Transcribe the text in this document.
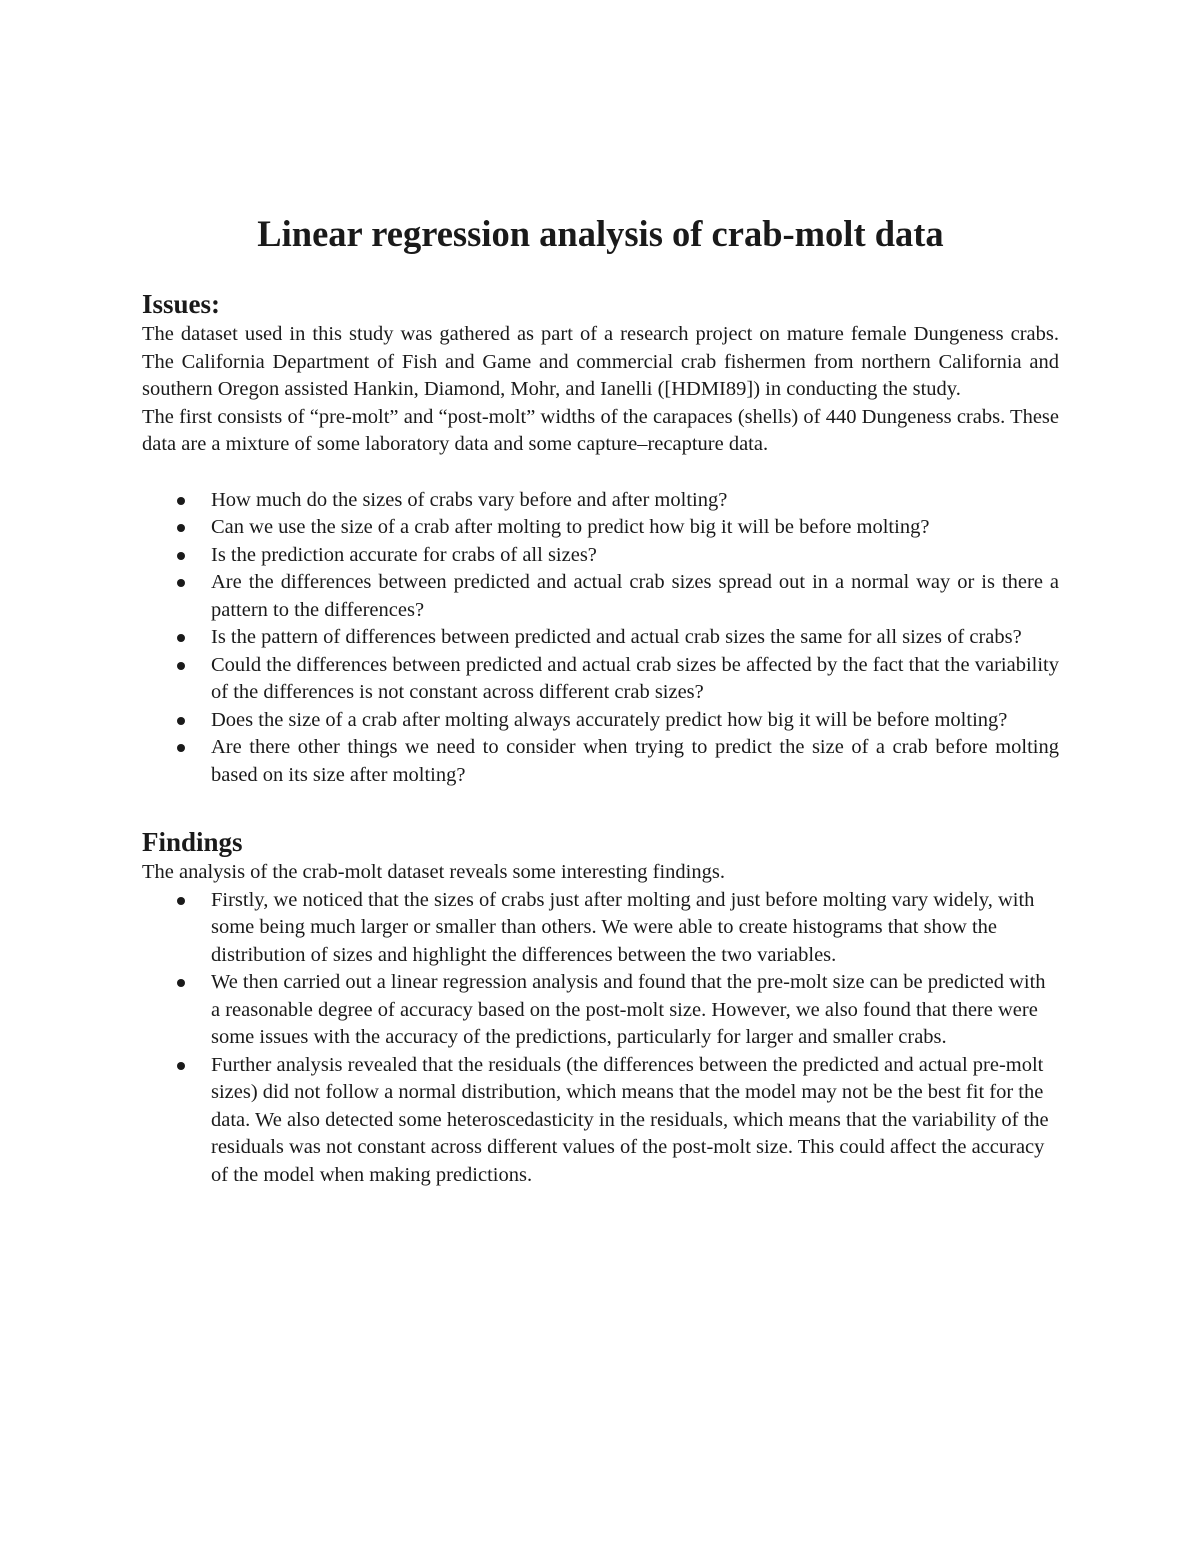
Linear regression analysis of crab-molt data
Issues:

The dataset used in this study was gathered as part of a research project on mature female Dungeness crabs. The California Department of Fish and Game and commercial crab fishermen from northern California and southern Oregon assisted Hankin, Diamond, Mohr, and Ianelli ([HDMI89]) in conducting the study.

The first consists of “pre-molt” and “post-molt” widths of the carapaces (shells) of 440 Dungeness crabs. These data are a mixture of some laboratory data and some capture–recapture data.

How much do the sizes of crabs vary before and after molting?
Can we use the size of a crab after molting to predict how big it will be before molting?
Is the prediction accurate for crabs of all sizes?
Are the differences between predicted and actual crab sizes spread out in a normal way or is there a pattern to the differences?
Is the pattern of differences between predicted and actual crab sizes the same for all sizes of crabs?
Could the differences between predicted and actual crab sizes be affected by the fact that the variability of the differences is not constant across different crab sizes?
Does the size of a crab after molting always accurately predict how big it will be before molting?
Are there other things we need to consider when trying to predict the size of a crab before molting based on its size after molting?
Findings

The analysis of the crab-molt dataset reveals some interesting findings.

Firstly, we noticed that the sizes of crabs just after molting and just before molting vary widely, with some being much larger or smaller than others. We were able to create histograms that show the distribution of sizes and highlight the differences between the two variables.
We then carried out a linear regression analysis and found that the pre-molt size can be predicted with a reasonable degree of accuracy based on the post-molt size. However, we also found that there were some issues with the accuracy of the predictions, particularly for larger and smaller crabs.
Further analysis revealed that the residuals (the differences between the predicted and actual pre-molt sizes) did not follow a normal distribution, which means that the model may not be the best fit for the data. We also detected some heteroscedasticity in the residuals, which means that the variability of the residuals was not constant across different values of the post-molt size. This could affect the accuracy of the model when making predictions.
